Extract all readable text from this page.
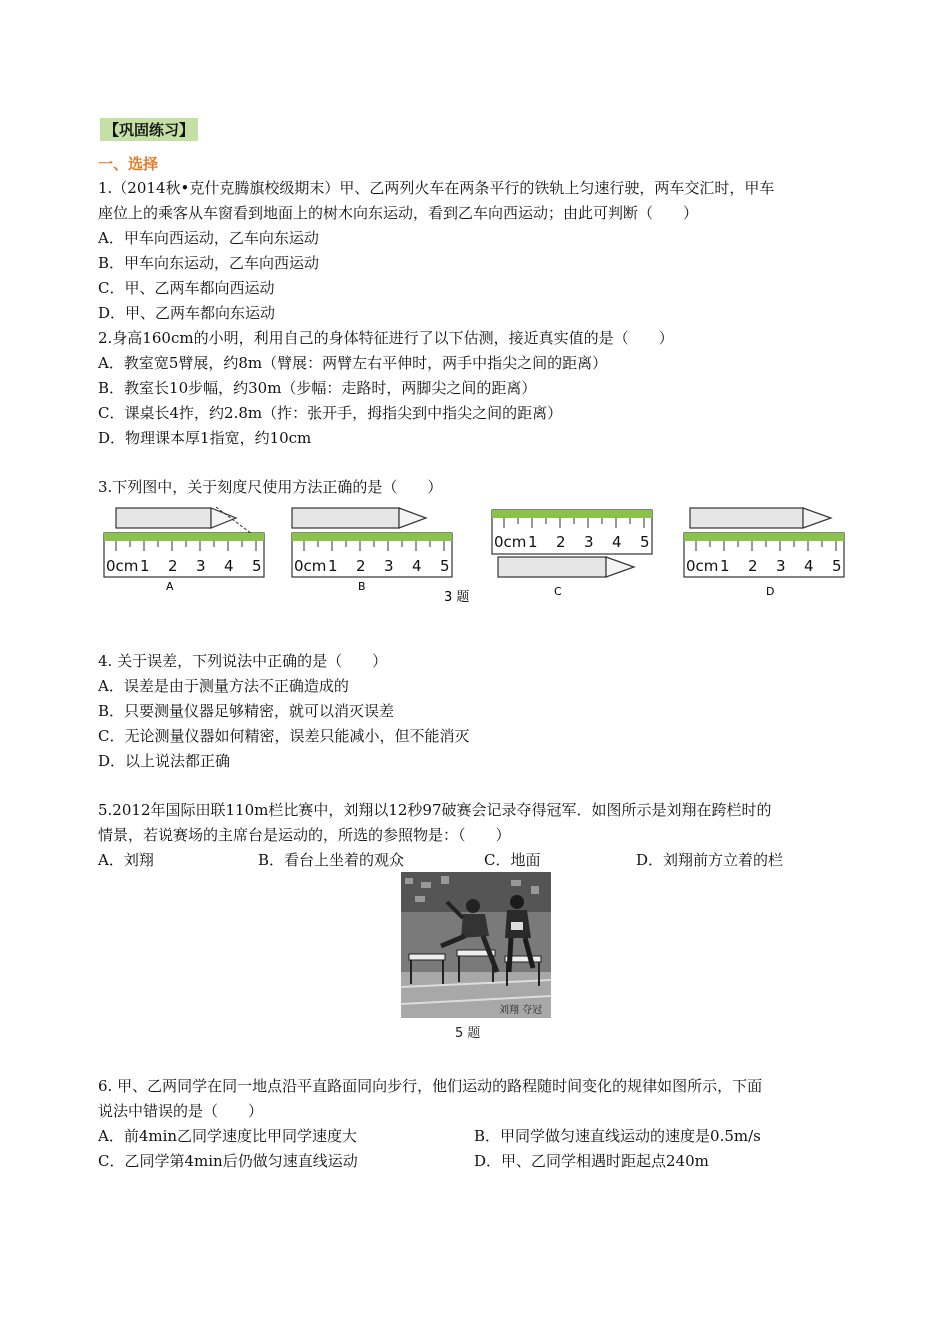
【巩固练习】
一、选择
1.（2014秋•克什克腾旗校级期末）甲、乙两列火车在两条平行的铁轨上匀速行驶，两车交汇时，甲车
座位上的乘客从车窗看到地面上的树木向东运动，看到乙车向西运动；由此可判断（　　）
A．甲车向西运动，乙车向东运动
B．甲车向东运动，乙车向西运动
C．甲、乙两车都向西运动
D．甲、乙两车都向东运动
2.身高160cm的小明，利用自己的身体特征进行了以下估测，接近真实值的是（　　）
A．教室宽5臂展，约8m（臂展：两臂左右平伸时，两手中指尖之间的距离）
B．教室长10步幅，约30m（步幅：走路时，两脚尖之间的距离）
C．课桌长4拃，约2.8m（拃：张开手，拇指尖到中指尖之间的距离）
D．物理课本厚1指宽，约10cm
3.下列图中，关于刻度尺使用方法正确的是（　　）
0cm 1 2 3 4 5
A
0cm 1 2 3 4 5
B
3 题
0cm 1 2 3 4 5
C
0cm 1 2 3 4 5
D
4. 关于误差，下列说法中正确的是（　　）
A．误差是由于测量方法不正确造成的
B．只要测量仪器足够精密，就可以消灭误差
C．无论测量仪器如何精密，误差只能减小，但不能消灭
D．以上说法都正确
5.2012年国际田联110m栏比赛中，刘翔以12秒97破赛会记录夺得冠军．如图所示是刘翔在跨栏时的
情景，若说赛场的主席台是运动的，所选的参照物是：（　　）
A．刘翔	B．看台上坐着的观众	C．地面	D．刘翔前方立着的栏
刘翔 夺冠
5 题
6. 甲、乙两同学在同一地点沿平直路面同向步行，他们运动的路程随时间变化的规律如图所示，下面
说法中错误的是（　　）
A．前4min乙同学速度比甲同学速度大	B．甲同学做匀速直线运动的速度是0.5m/s
C．乙同学第4min后仍做匀速直线运动	D．甲、乙同学相遇时距起点240m
